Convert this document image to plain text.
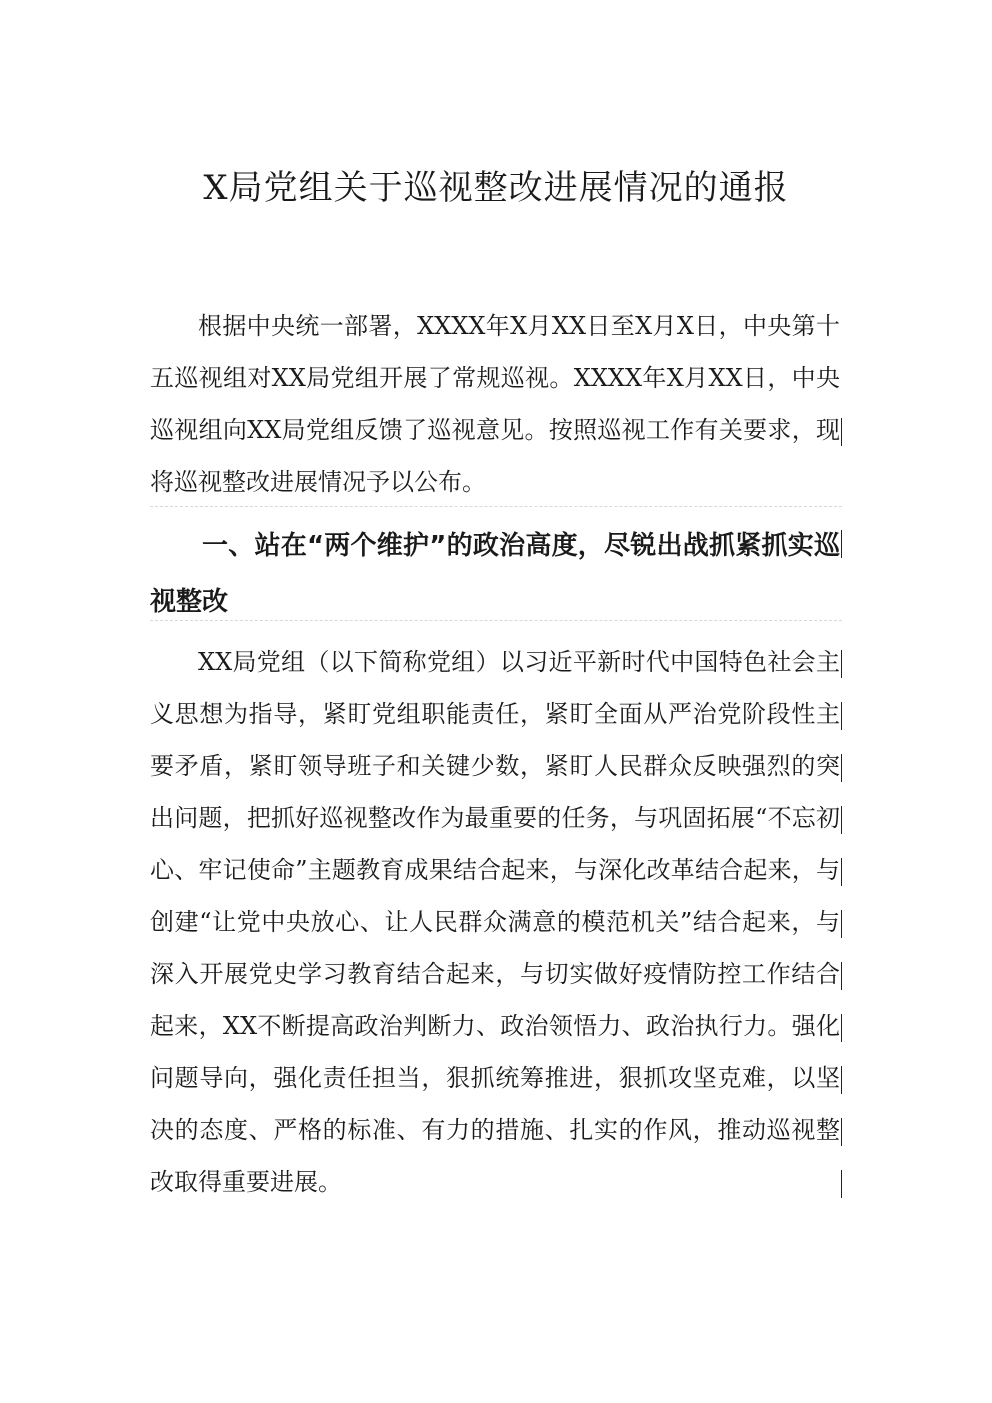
X局党组关于巡视整改进展情况的通报

根据中央统一部署，XXXX年X月XX日至X月X日，中央第十五巡视组对XX局党组开展了常规巡视。XXXX年X月XX日，中央巡视组向XX局党组反馈了巡视意见。按照巡视工作有关要求，现将巡视整改进展情况予以公布。

一、站在“两个维护”的政治高度，尽锐出战抓紧抓实巡视整改

XX局党组（以下简称党组）以习近平新时代中国特色社会主义思想为指导，紧盯党组职能责任，紧盯全面从严治党阶段性主要矛盾，紧盯领导班子和关键少数，紧盯人民群众反映强烈的突出问题，把抓好巡视整改作为最重要的任务，与巩固拓展“不忘初心、牢记使命”主题教育成果结合起来，与深化改革结合起来，与创建“让党中央放心、让人民群众满意的模范机关”结合起来，与深入开展党史学习教育结合起来，与切实做好疫情防控工作结合起来，XX不断提高政治判断力、政治领悟力、政治执行力。强化问题导向，强化责任担当，狠抓统筹推进，狠抓攻坚克难，以坚决的态度、严格的标准、有力的措施、扎实的作风，推动巡视整改取得重要进展。
